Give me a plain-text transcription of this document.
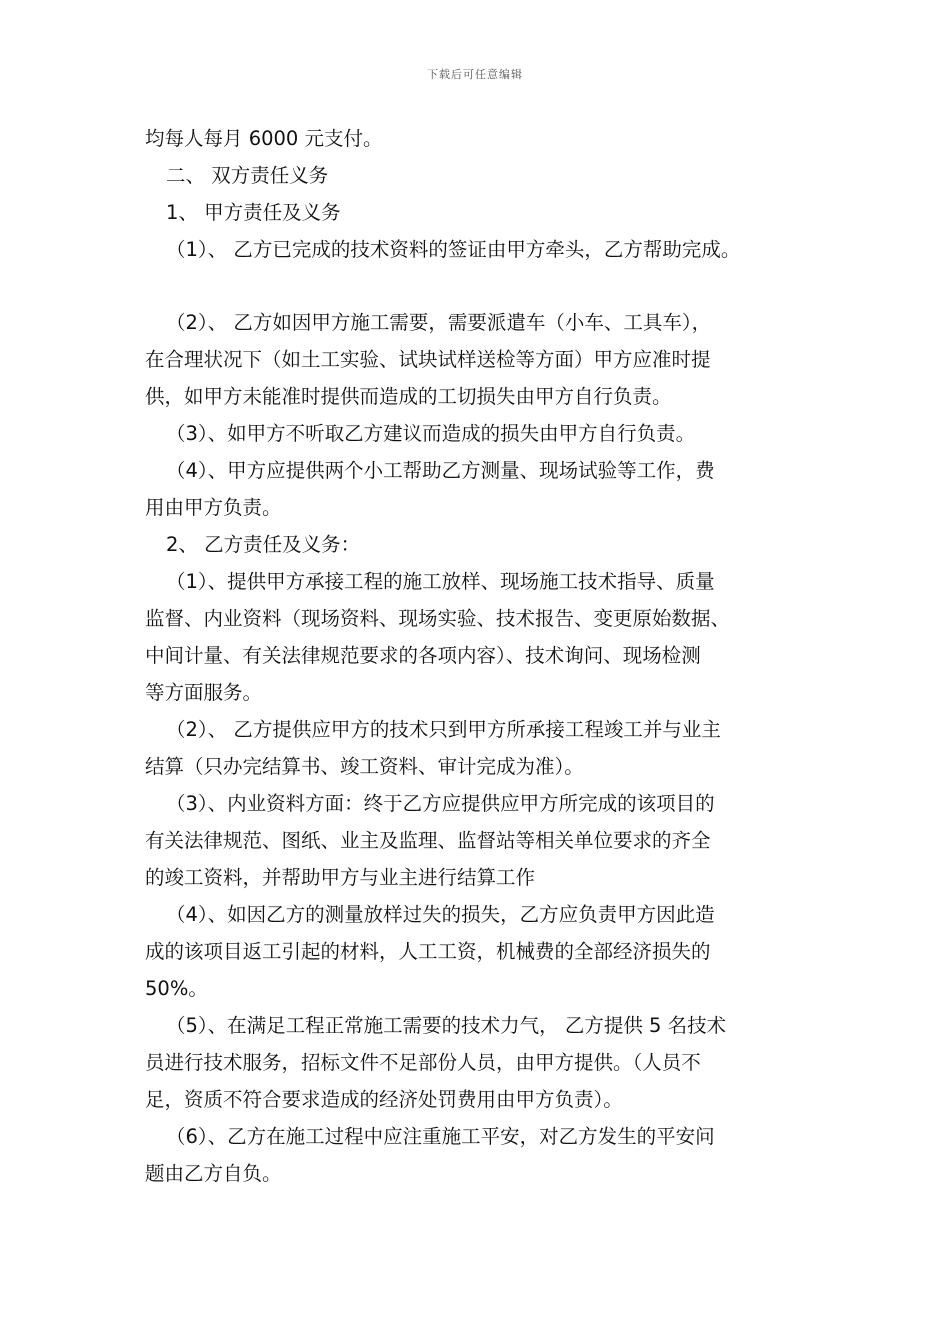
下载后可任意编辑

均每人每月 6000 元支付。

二、 双方责任义务

1、 甲方责任及义务

（1）、 乙方已完成的技术资料的签证由甲方牵头，乙方帮助完成。

（2）、 乙方如因甲方施工需要，需要派遣车（小车、工具车），

在合理状况下（如土工实验、试块试样送检等方面）甲方应准时提

供，如甲方未能准时提供而造成的工切损失由甲方自行负责。

（3）、如甲方不听取乙方建议而造成的损失由甲方自行负责。

（4）、甲方应提供两个小工帮助乙方测量、现场试验等工作，费

用由甲方负责。

2、 乙方责任及义务：

（1）、提供甲方承接工程的施工放样、现场施工技术指导、质量

监督、内业资料（现场资料、现场实验、技术报告、变更原始数据、

中间计量、有关法律规范要求的各项内容）、技术询问、现场检测

等方面服务。

（2）、 乙方提供应甲方的技术只到甲方所承接工程竣工并与业主

结算（只办完结算书、竣工资料、审计完成为准）。

（3）、内业资料方面：终于乙方应提供应甲方所完成的该项目的

有关法律规范、图纸、业主及监理、监督站等相关单位要求的齐全

的竣工资料，并帮助甲方与业主进行结算工作

（4）、如因乙方的测量放样过失的损失，乙方应负责甲方因此造

成的该项目返工引起的材料，人工工资，机械费的全部经济损失的

50%。

（5）、在满足工程正常施工需要的技术力气， 乙方提供 5 名技术

员进行技术服务，招标文件不足部份人员，由甲方提供。（人员不

足，资质不符合要求造成的经济处罚费用由甲方负责）。

（6）、乙方在施工过程中应注重施工平安，对乙方发生的平安问

题由乙方自负。
